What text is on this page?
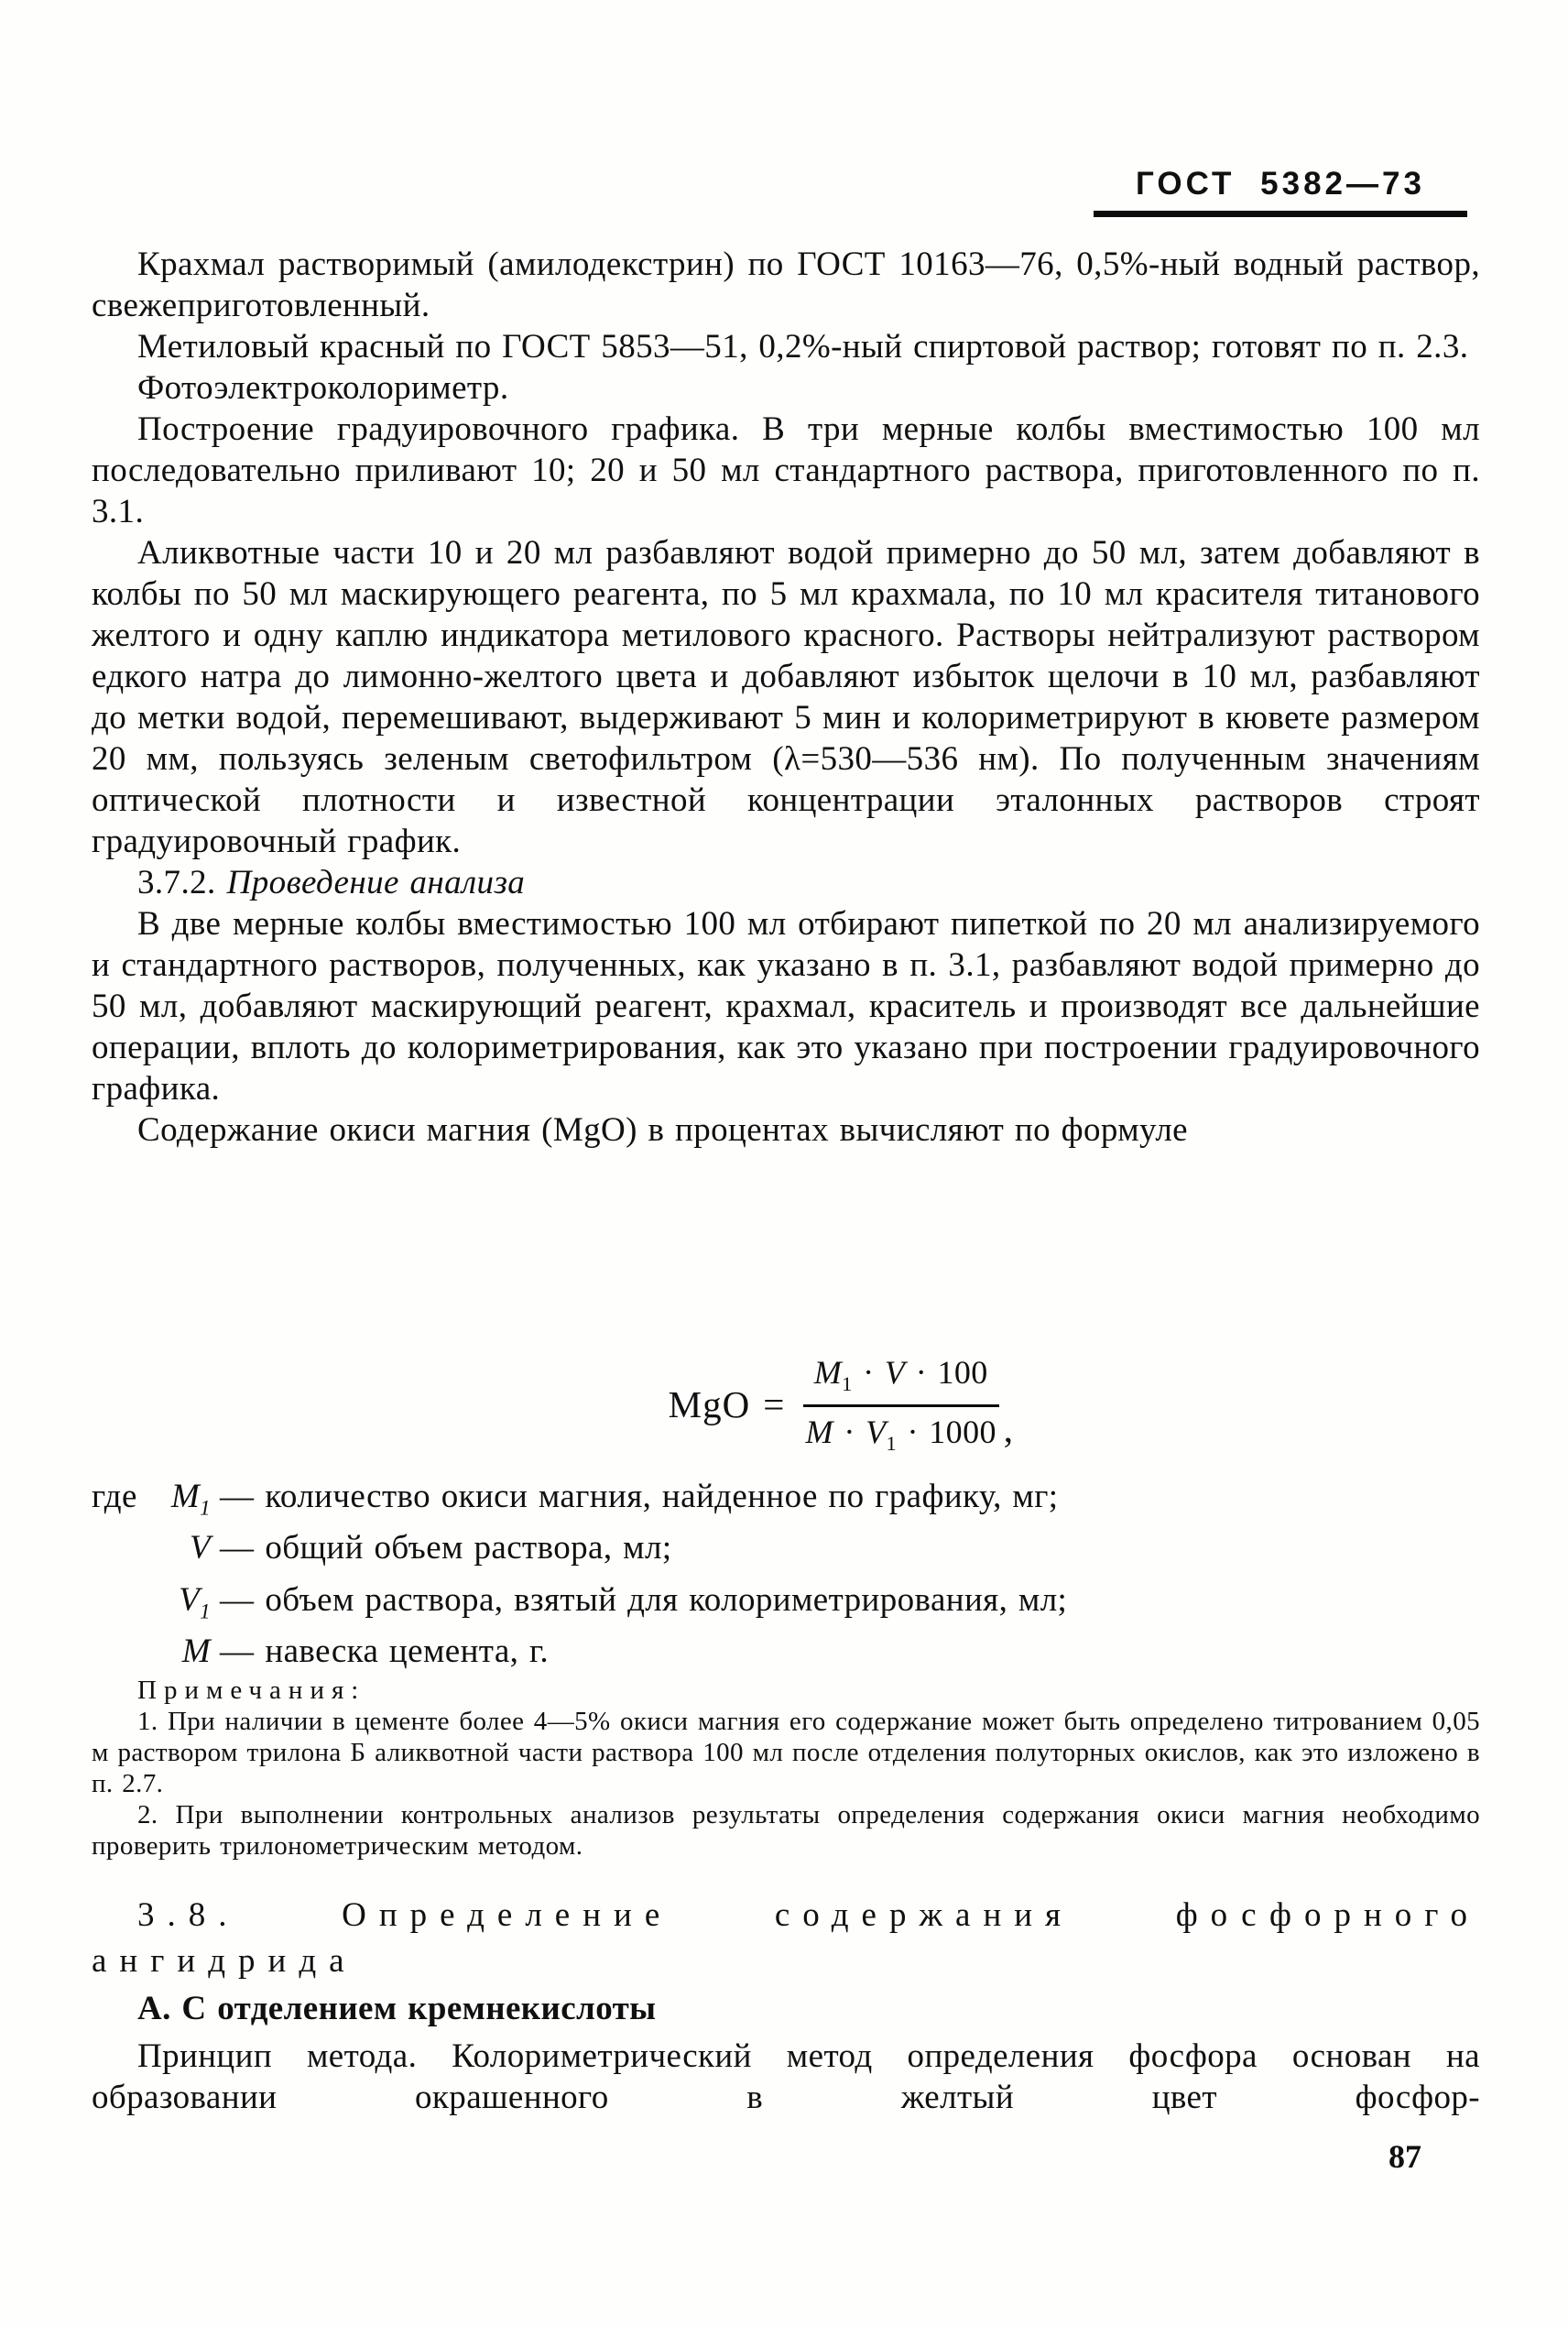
ГОСТ 5382—73

Крахмал растворимый (амилодекстрин) по ГОСТ 10163—76, 0,5%-ный водный раствор, свежеприготовленный.

Метиловый красный по ГОСТ 5853—51, 0,2%-ный спиртовой раствор; готовят по п. 2.3.

Фотоэлектроколориметр.

Построение градуировочного графика. В три мерные колбы вместимостью 100 мл последовательно приливают 10; 20 и 50 мл стандартного раствора, приготовленного по п. 3.1.

Аликвотные части 10 и 20 мл разбавляют водой примерно до 50 мл, затем добавляют в колбы по 50 мл маскирующего реагента, по 5 мл крахмала, по 10 мл красителя титанового желтого и одну каплю индикатора метилового красного. Растворы нейтрализуют раствором едкого натра до лимонно-желтого цвета и добавляют избыток щелочи в 10 мл, разбавляют до метки водой, перемешивают, выдерживают 5 мин и колориметрируют в кювете размером 20 мм, пользуясь зеленым светофильтром (λ=530—536 нм). По полученным значениям оптической плотности и известной концентрации эталонных растворов строят градуировочный график.

3.7.2. Проведение анализа

В две мерные колбы вместимостью 100 мл отбирают пипеткой по 20 мл анализируемого и стандартного растворов, полученных, как указано в п. 3.1, разбавляют водой примерно до 50 мл, добавляют маскирующий реагент, крахмал, краситель и производят все дальнейшие операции, вплоть до колориметрирования, как это указано при построении градуировочного графика.

Содержание окиси магния (MgO) в процентах вычисляют по формуле

MgO = $\frac{M_1 \cdot V \cdot 100}{M \cdot V_1 \cdot 1000}$ ,
где	$M_1$ — количество окиси магния, найденное по графику, мг;
V — общий объем раствора, мл;
$V_1$ — объем раствора, взятый для колориметрирования, мл;
М — навеска цемента, г.
Примечания:

1. При наличии в цементе более 4—5% окиси магния его содержание может быть определено титрованием 0,05 м раствором трилона Б аликвотной части раствора 100 мл после отделения полуторных окислов, как это изложено в п. 2.7.

2. При выполнении контрольных анализов результаты определения содержания окиси магния необходимо проверить трилонометрическим методом.

3.8. Определение содержания фосфорного ангидрида

А. С отделением кремнекислоты

Принцип метода. Колориметрический метод определения фосфора основан на образовании окрашенного в желтый цвет фосфор-

87
